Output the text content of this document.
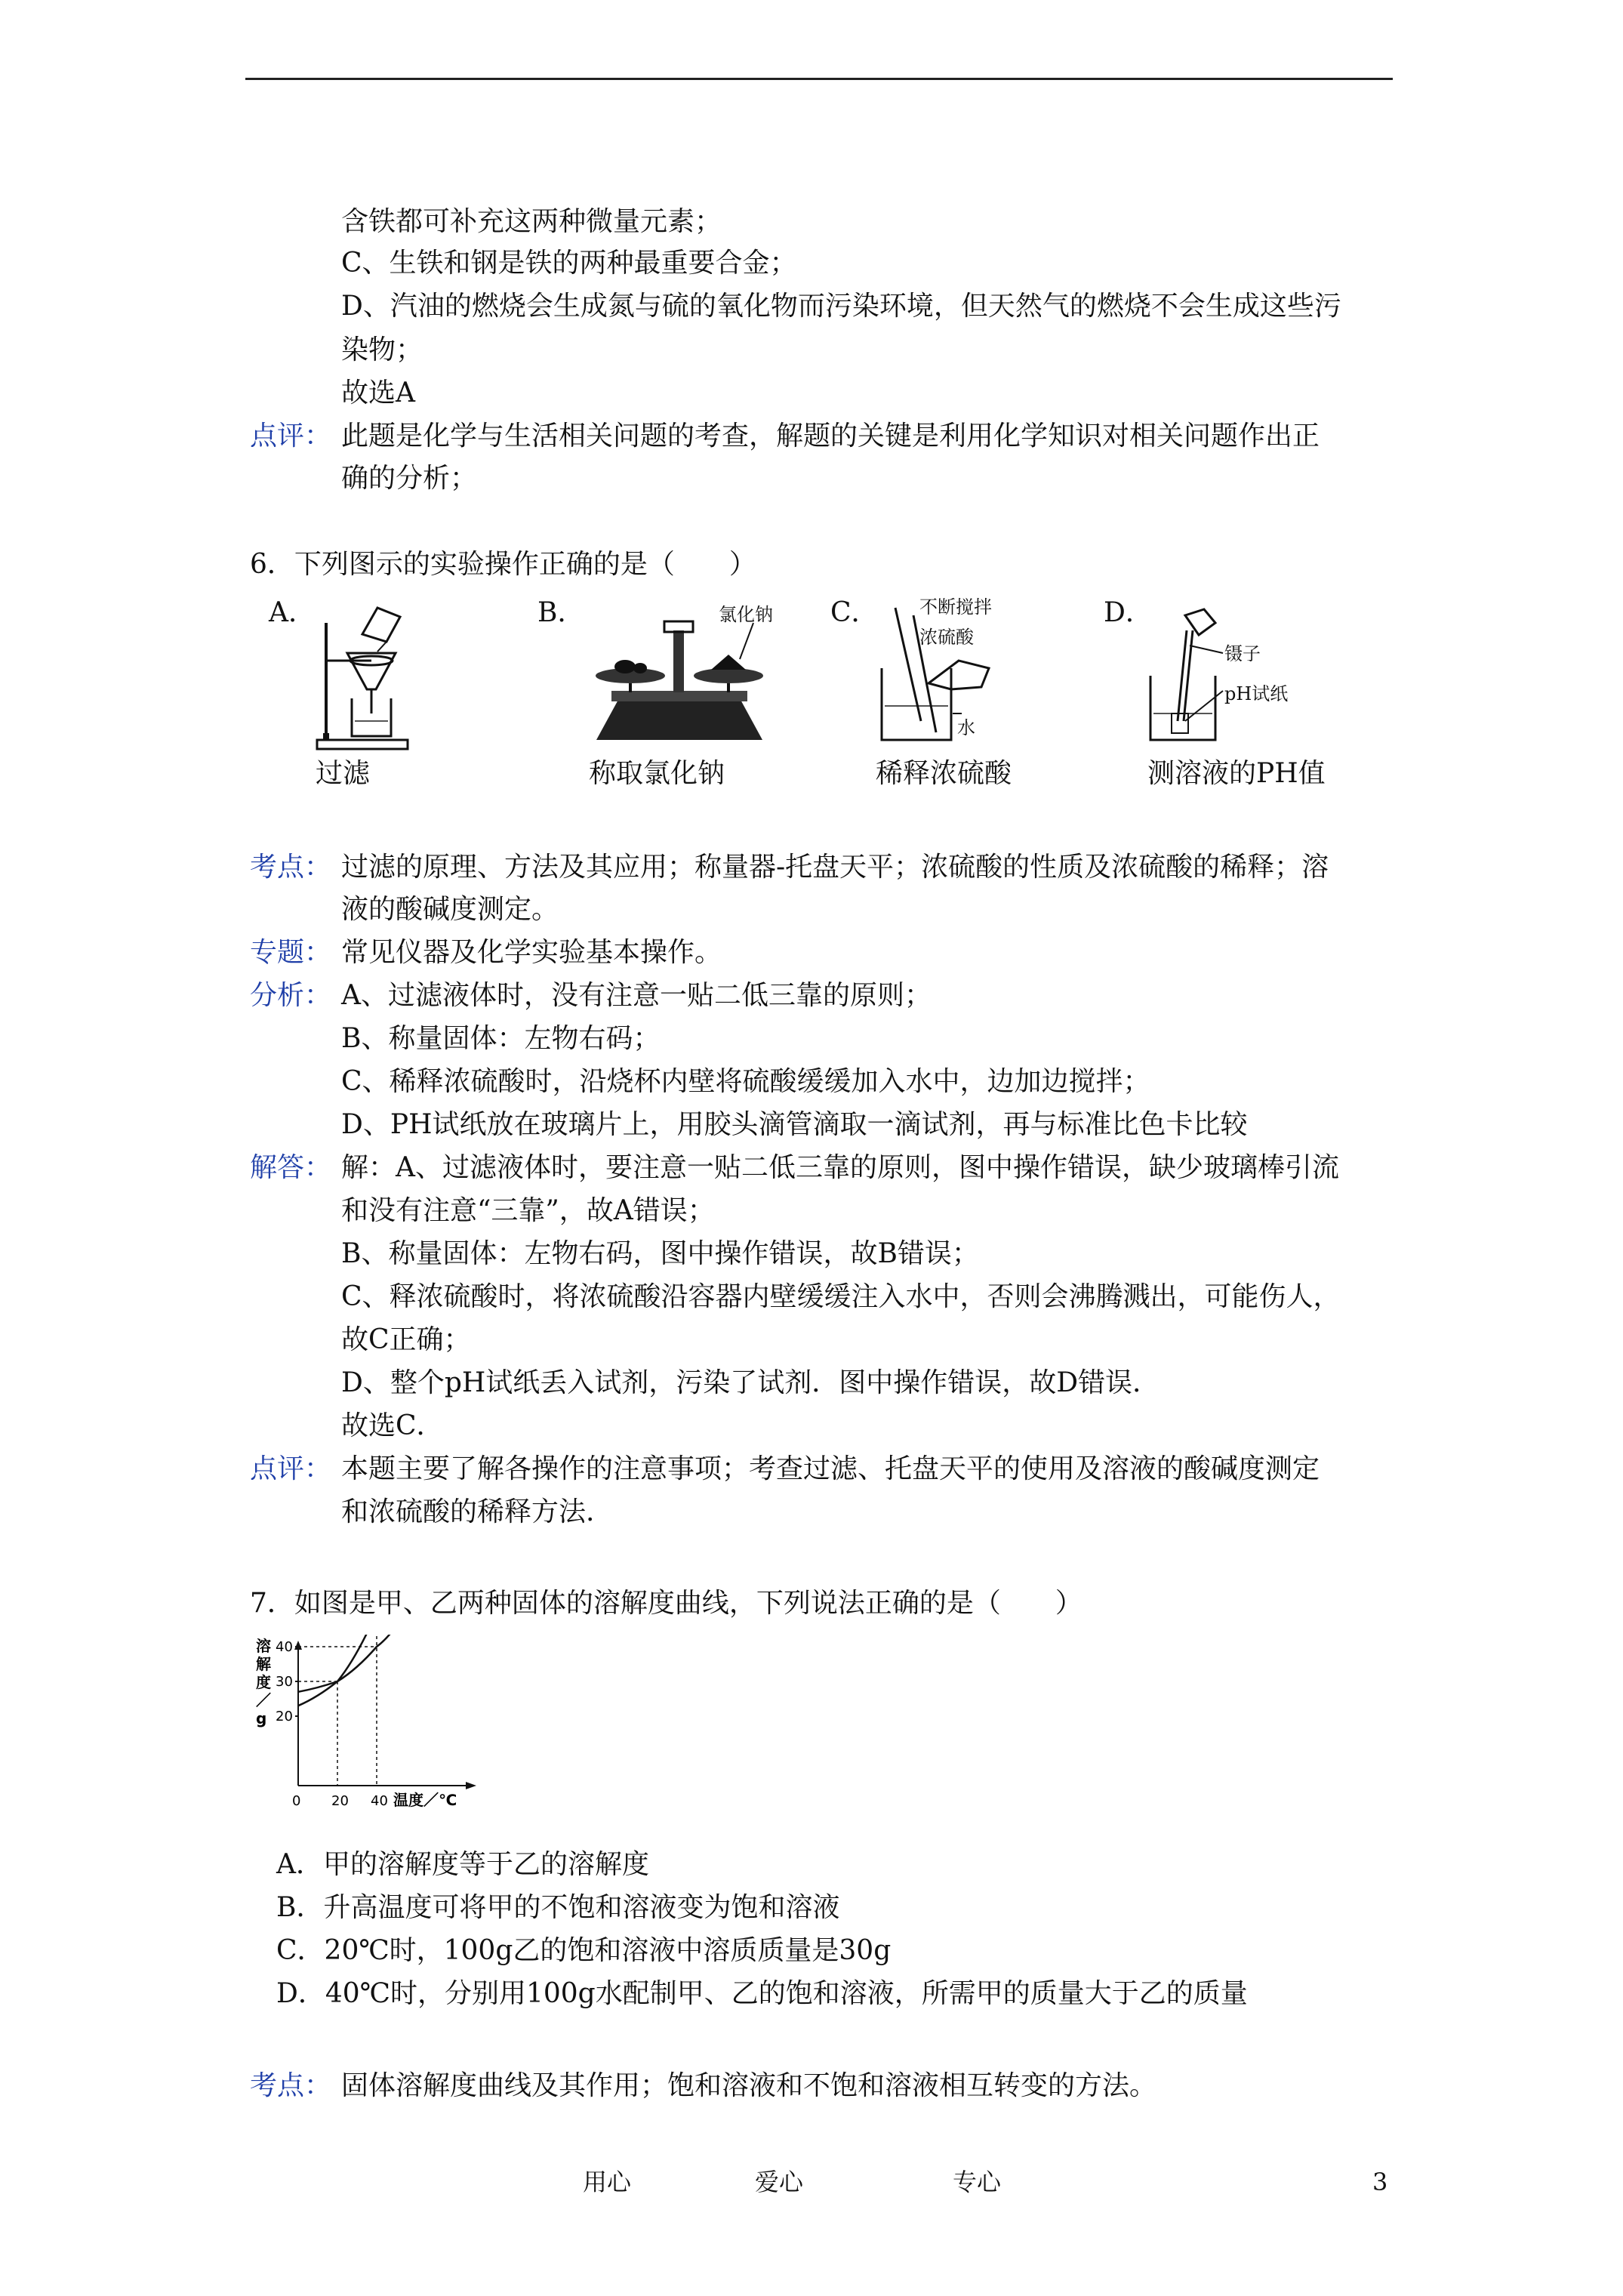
含铁都可补充这两种微量元素；
C、生铁和钢是铁的两种最重要合金；
D、汽油的燃烧会生成氮与硫的氧化物而污染环境，但天然气的燃烧不会生成这些污
染物；
故选A
点评： 此题是化学与生活相关问题的考查，解题的关键是利用化学知识对相关问题作出正
确的分析；
6．下列图示的实验操作正确的是（　　）
A．	B．	C．	D．
过滤
氯化钠
称取氯化钠
不断搅拌
浓硫酸
水
稀释浓硫酸
镊子
pH试纸
测溶液的PH值
考点： 过滤的原理、方法及其应用；称量器-托盘天平；浓硫酸的性质及浓硫酸的稀释；溶
液的酸碱度测定。
专题： 常见仪器及化学实验基本操作。
分析： A、过滤液体时，没有注意一贴二低三靠的原则；
B、称量固体：左物右码；
C、稀释浓硫酸时，沿烧杯内壁将硫酸缓缓加入水中，边加边搅拌；
D、PH试纸放在玻璃片上，用胶头滴管滴取一滴试剂，再与标准比色卡比较
解答： 解：A、过滤液体时，要注意一贴二低三靠的原则，图中操作错误，缺少玻璃棒引流
和没有注意“三靠”，故A错误；
B、称量固体：左物右码，图中操作错误，故B错误；
C、释浓硫酸时，将浓硫酸沿容器内壁缓缓注入水中，否则会沸腾溅出，可能伤人，
故C正确；
D、整个pH试纸丢入试剂，污染了试剂．图中操作错误，故D错误．
故选C．
点评： 本题主要了解各操作的注意事项；考查过滤、托盘天平的使用及溶液的酸碱度测定
和浓硫酸的稀释方法.
7．如图是甲、乙两种固体的溶解度曲线，下列说法正确的是（　　）
溶
解
度
／
g
40
30
20
0 20 40 温度／℃
A．甲的溶解度等于乙的溶解度
B．升高温度可将甲的不饱和溶液变为饱和溶液
C．20℃时，100g乙的饱和溶液中溶质质量是30g
D．40℃时，分别用100g水配制甲、乙的饱和溶液，所需甲的质量大于乙的质量
考点： 固体溶解度曲线及其作用；饱和溶液和不饱和溶液相互转变的方法。
用心	爱心	专心	3
